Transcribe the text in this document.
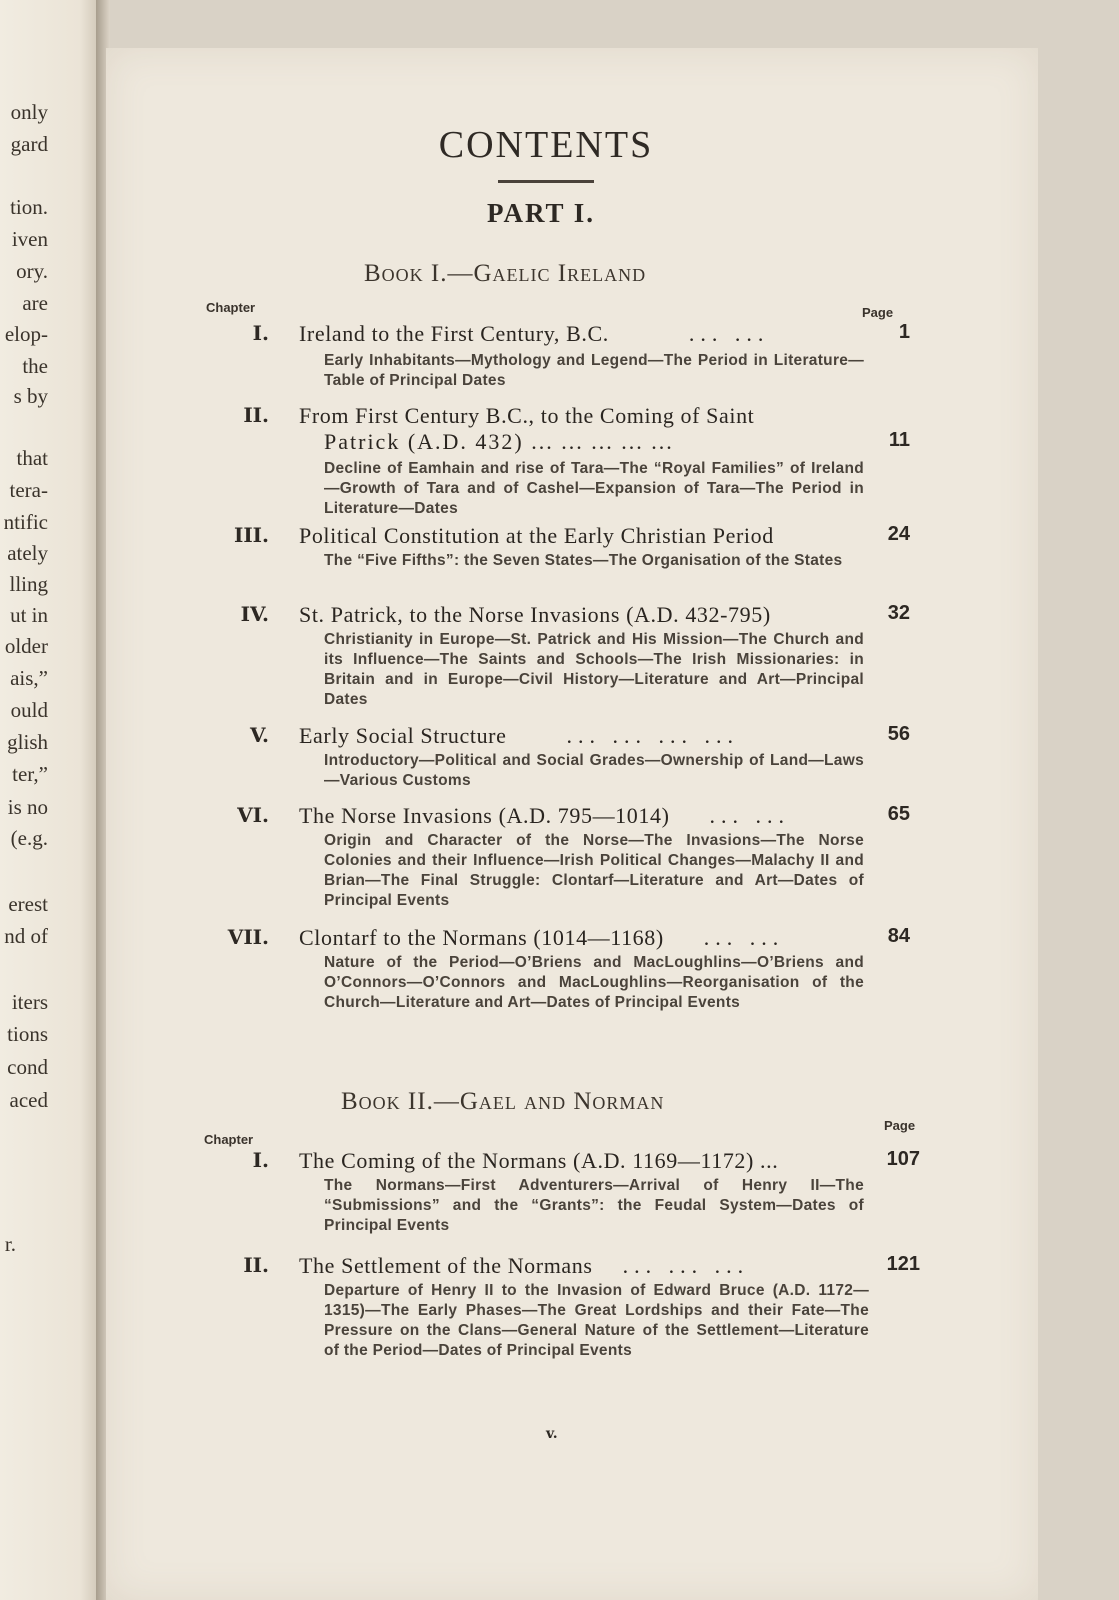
only
gard
tion.
iven
ory.
are
elop-
the
s by
that
tera-
ntific
ately
lling
ut in
older
ais,”
ould
glish
ter,”
is no
(e.g.
erest
nd of
iters
tions
cond
aced
r.
CONTENTS
PART I.
Book I.—Gaelic Ireland
Chapter	Page
I. Ireland to the First Century, B.C.	... ...	1
Early Inhabitants—Mythology and Legend—The Period in Literature—Table of Principal Dates
II. From First Century B.C., to the Coming of Saint
Patrick (A.D. 432) ... ... ... ... ...	11
Decline of Eamhain and rise of Tara—The “Royal Families” of Ireland—Growth of Tara and of Cashel—Expansion of Tara—The Period in Literature—Dates
III. Political Constitution at the Early Christian Period	24
The “Five Fifths”: the Seven States—The Organisation of the States
IV. St. Patrick, to the Norse Invasions (A.D. 432-795)	32
Christianity in Europe—St. Patrick and His Mission—The Church and its Influence—The Saints and Schools—The Irish Missionaries: in Britain and in Europe—Civil History—Literature and Art—Principal Dates
V. Early Social Structure	... ... ... ...	56
Introductory—Political and Social Grades—Ownership of Land—Laws—Various Customs
VI. The Norse Invasions (A.D. 795—1014) ... ...	65
Origin and Character of the Norse—The Invasions—The Norse Colonies and their Influence—Irish Political Changes—Malachy II and Brian—The Final Struggle: Clontarf—Literature and Art—Dates of Principal Events
VII. Clontarf to the Normans (1014—1168) ... ...	84
Nature of the Period—O’Briens and MacLoughlins—O’Briens and O’Connors—O’Connors and MacLoughlins—Reorganisation of the Church—Literature and Art—Dates of Principal Events
Book II.—Gael and Norman
Chapter
Page
I. The Coming of the Normans (A.D. 1169—1172) ...	107
The Normans—First Adventurers—Arrival of Henry II—The “Submissions” and the “Grants”: the Feudal System—Dates of Principal Events
II. The Settlement of the Normans ... ... ...	121
Departure of Henry II to the Invasion of Edward Bruce (A.D. 1172—1315)—The Early Phases—The Great Lordships and their Fate—The Pressure on the Clans—General Nature of the Settlement—Literature of the Period—Dates of Principal Events
v.
